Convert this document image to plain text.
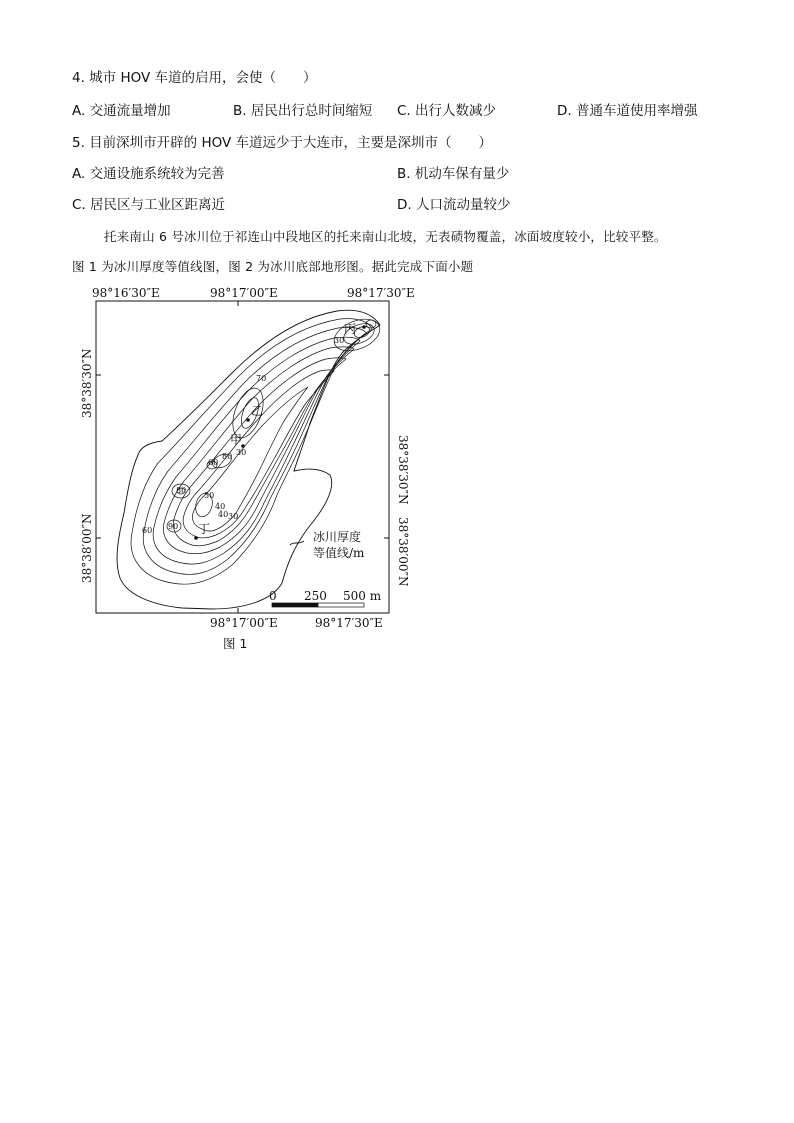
4. 城市 HOV 车道的启用，会使（　　）
A. 交通流量增加	B. 居民出行总时间缩短 C. 出行人数减少	D. 普通车道使用率增强
5. 目前深圳市开辟的 HOV 车道远少于大连市，主要是深圳市（　　）
A. 交通设施系统较为完善	B. 机动车保有量少
C. 居民区与工业区距离近	D. 人口流动量较少
托来南山 6 号冰川位于祁连山中段地区的托来南山北坡，无表碛物覆盖，冰面坡度较小，比较平整。
图 1 为冰川厚度等值线图，图 2 为冰川底部地形图。据此完成下面小题
98°16′30″E	98°17′00″E	98°17′30″E
98°17′00″E	98°17′30″E
38°38′30″N
38°38′00″N
38°38′30″N
38°38′00″N
30
70
60
80 30
40
50
80
60 90
30
40
丙
乙
甲
丁
冰川厚度
等值线/m
0 250 500 m
图 1
